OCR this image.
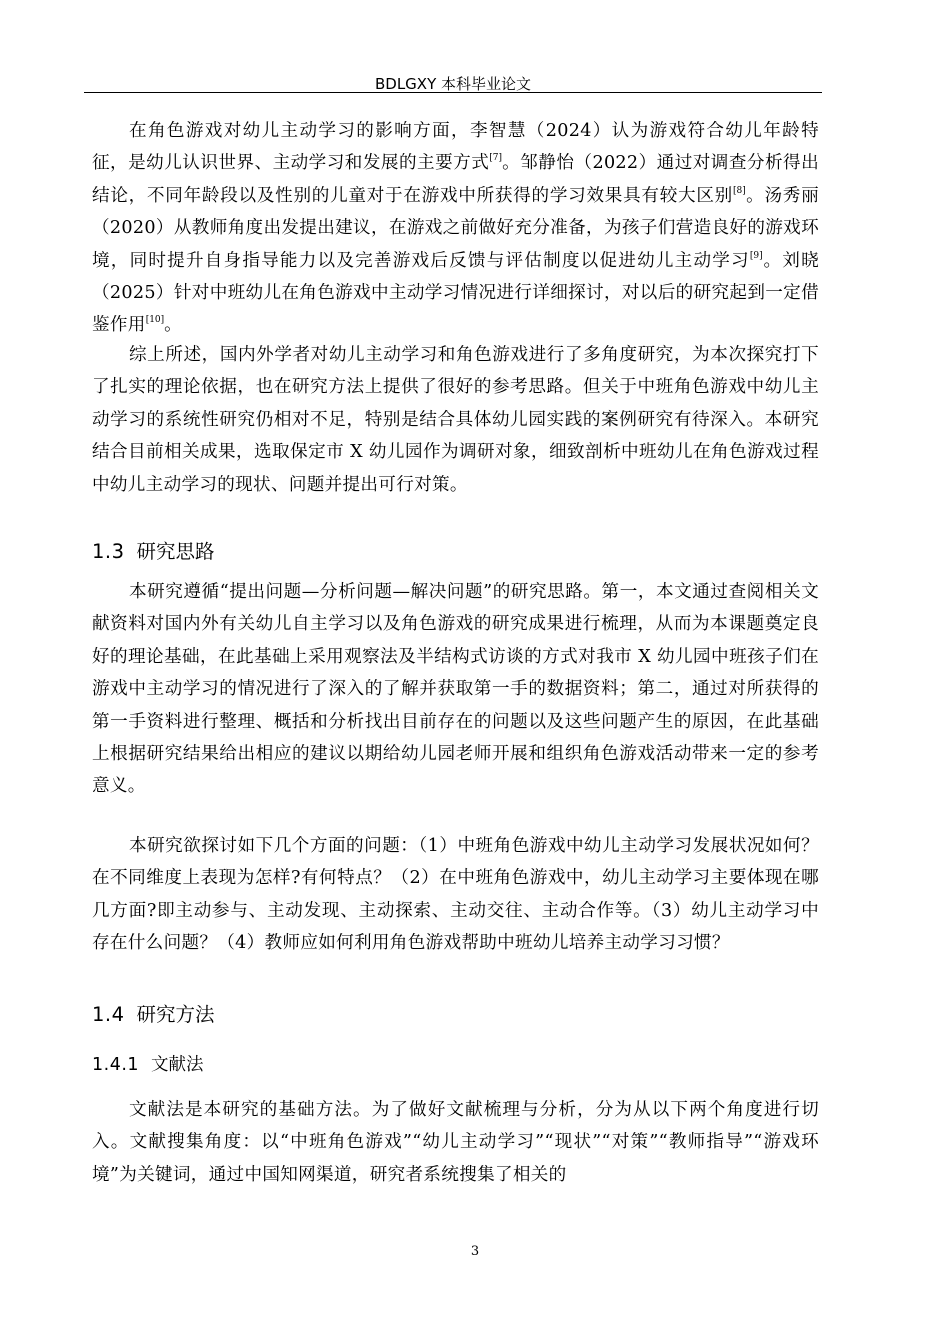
BDLGXY 本科毕业论文

在角色游戏对幼儿主动学习的影响方面，李智慧（2024）认为游戏符合幼儿年龄特征，是幼儿认识世界、主动学习和发展的主要方式[7]。邹静怡（2022）通过对调查分析得出结论，不同年龄段以及性别的儿童对于在游戏中所获得的学习效果具有较大区别[8]。汤秀丽（2020）从教师角度出发提出建议，在游戏之前做好充分准备，为孩子们营造良好的游戏环境，同时提升自身指导能力以及完善游戏后反馈与评估制度以促进幼儿主动学习[9]。刘晓（2025）针对中班幼儿在角色游戏中主动学习情况进行详细探讨，对以后的研究起到一定借鉴作用[10]。

综上所述，国内外学者对幼儿主动学习和角色游戏进行了多角度研究，为本次探究打下了扎实的理论依据，也在研究方法上提供了很好的参考思路。但关于中班角色游戏中幼儿主动学习的系统性研究仍相对不足，特别是结合具体幼儿园实践的案例研究有待深入。本研究结合目前相关成果，选取保定市 X 幼儿园作为调研对象，细致剖析中班幼儿在角色游戏过程中幼儿主动学习的现状、问题并提出可行对策。

1.3 研究思路

本研究遵循“提出问题—分析问题—解决问题”的研究思路。第一，本文通过查阅相关文献资料对国内外有关幼儿自主学习以及角色游戏的研究成果进行梳理，从而为本课题奠定良好的理论基础，在此基础上采用观察法及半结构式访谈的方式对我市 X 幼儿园中班孩子们在游戏中主动学习的情况进行了深入的了解并获取第一手的数据资料；第二，通过对所获得的第一手资料进行整理、概括和分析找出目前存在的问题以及这些问题产生的原因，在此基础上根据研究结果给出相应的建议以期给幼儿园老师开展和组织角色游戏活动带来一定的参考意义。

本研究欲探讨如下几个方面的问题：（1）中班角色游戏中幼儿主动学习发展状况如何？在不同维度上表现为怎样?有何特点？（2）在中班角色游戏中，幼儿主动学习主要体现在哪几方面?即主动参与、主动发现、主动探索、主动交往、主动合作等。（3）幼儿主动学习中存在什么问题？（4）教师应如何利用角色游戏帮助中班幼儿培养主动学习习惯？

1.4 研究方法
1.4.1 文献法

文献法是本研究的基础方法。为了做好文献梳理与分析，分为从以下两个角度进行切入。文献搜集角度：以“中班角色游戏”“幼儿主动学习”“现状”“对策”“教师指导”“游戏环境”为关键词，通过中国知网渠道，研究者系统搜集了相关的

3
